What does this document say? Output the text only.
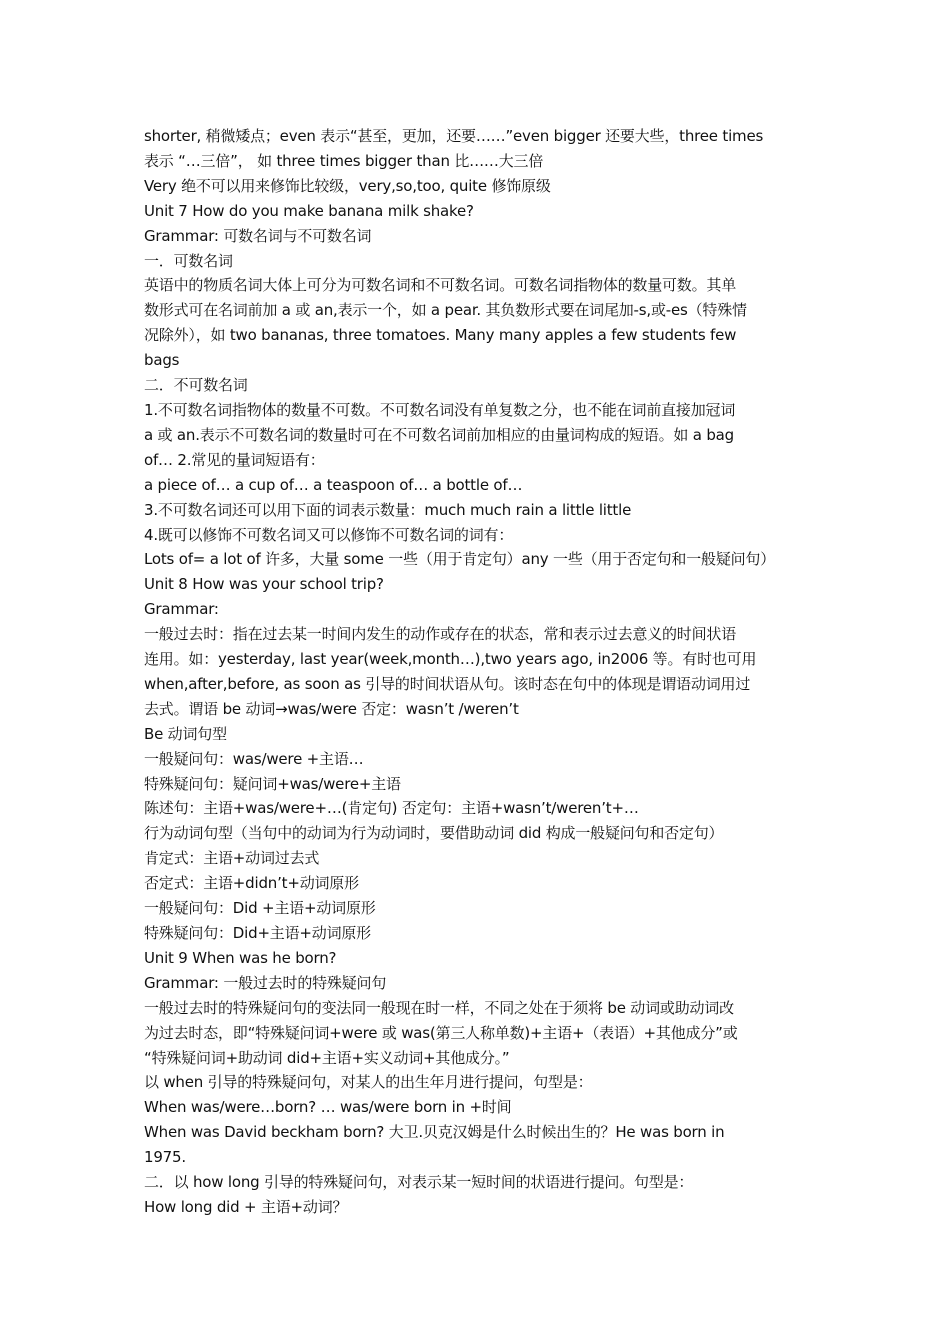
shorter, 稍微矮点；even 表示“甚至，更加，还要……”even bigger 还要大些，three times
表示 “…三倍”， 如 three times bigger than 比……大三倍
Very 绝不可以用来修饰比较级，very,so,too, quite 修饰原级
Unit 7 How do you make banana milk shake?
Grammar: 可数名词与不可数名词
一．可数名词
英语中的物质名词大体上可分为可数名词和不可数名词。可数名词指物体的数量可数。其单
数形式可在名词前加 a 或 an,表示一个，如 a pear. 其负数形式要在词尾加-s,或-es（特殊情
况除外），如 two bananas, three tomatoes. Many many apples a few students few
bags
二．不可数名词
1.不可数名词指物体的数量不可数。不可数名词没有单复数之分，也不能在词前直接加冠词
a 或 an.表示不可数名词的数量时可在不可数名词前加相应的由量词构成的短语。如 a bag
of… 2.常见的量词短语有：
a piece of… a cup of… a teaspoon of… a bottle of…
3.不可数名词还可以用下面的词表示数量：much much rain a little little
4.既可以修饰不可数名词又可以修饰不可数名词的词有：
Lots of= a lot of 许多，大量 some 一些（用于肯定句）any 一些（用于否定句和一般疑问句）
Unit 8 How was your school trip?
Grammar:
一般过去时：指在过去某一时间内发生的动作或存在的状态，常和表示过去意义的时间状语
连用。如：yesterday, last year(week,month…),two years ago, in2006 等。有时也可用
when,after,before, as soon as 引导的时间状语从句。该时态在句中的体现是谓语动词用过
去式。谓语 be 动词→was/were 否定：wasn’t /weren’t
Be 动词句型
一般疑问句：was/were +主语…
特殊疑问句：疑问词+was/were+主语
陈述句：主语+was/were+…(肯定句) 否定句：主语+wasn’t/weren’t+…
行为动词句型（当句中的动词为行为动词时，要借助动词 did 构成一般疑问句和否定句）
肯定式：主语+动词过去式
否定式：主语+didn’t+动词原形
一般疑问句：Did +主语+动词原形
特殊疑问句：Did+主语+动词原形
Unit 9 When was he born?
Grammar: 一般过去时的特殊疑问句
一般过去时的特殊疑问句的变法同一般现在时一样，不同之处在于须将 be 动词或助动词改
为过去时态，即“特殊疑问词+were 或 was(第三人称单数)+主语+（表语）+其他成分”或
“特殊疑问词+助动词 did+主语+实义动词+其他成分。”
以 when 引导的特殊疑问句，对某人的出生年月进行提问，句型是：
When was/were…born? … was/were born in +时间
When was David beckham born? 大卫.贝克汉姆是什么时候出生的？He was born in
1975.
二．以 how long 引导的特殊疑问句，对表示某一短时间的状语进行提问。句型是：
How long did + 主语+动词？
